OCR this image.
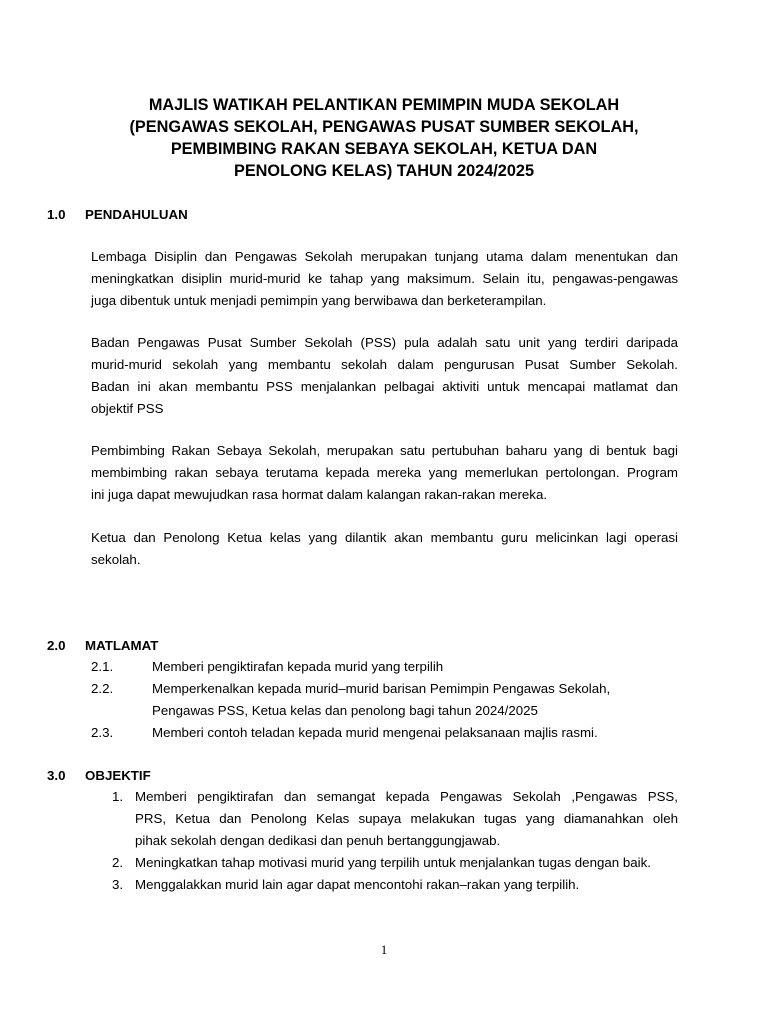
MAJLIS WATIKAH PELANTIKAN PEMIMPIN MUDA SEKOLAH
(PENGAWAS SEKOLAH, PENGAWAS PUSAT SUMBER SEKOLAH,
PEMBIMBING RAKAN SEBAYA SEKOLAH, KETUA DAN
PENOLONG KELAS) TAHUN 2024/2025
1.0 PENDAHULUAN
Lembaga Disiplin dan Pengawas Sekolah merupakan tunjang utama dalam menentukan dan
meningkatkan disiplin murid-murid ke tahap yang maksimum. Selain itu, pengawas-pengawas
juga dibentuk untuk menjadi pemimpin yang berwibawa dan berketerampilan.
Badan Pengawas Pusat Sumber Sekolah (PSS) pula adalah satu unit yang terdiri daripada
murid-murid sekolah yang membantu sekolah dalam pengurusan Pusat Sumber Sekolah.
Badan ini akan membantu PSS menjalankan pelbagai aktiviti untuk mencapai matlamat dan
objektif PSS
Pembimbing Rakan Sebaya Sekolah, merupakan satu pertubuhan baharu yang di bentuk bagi
membimbing rakan sebaya terutama kepada mereka yang memerlukan pertolongan. Program
ini juga dapat mewujudkan rasa hormat dalam kalangan rakan-rakan mereka.
Ketua dan Penolong Ketua kelas yang dilantik akan membantu guru melicinkan lagi operasi
sekolah.
2.0 MATLAMAT
2.1.	Memberi pengiktirafan kepada murid yang terpilih
2.2.	Memperkenalkan kepada murid–murid barisan Pemimpin Pengawas Sekolah,
Pengawas PSS, Ketua kelas dan penolong bagi tahun 2024/2025
2.3.	Memberi contoh teladan kepada murid mengenai pelaksanaan majlis rasmi.
3.0 OBJEKTIF
1. Memberi pengiktirafan dan semangat kepada Pengawas Sekolah ,Pengawas PSS,
PRS, Ketua dan Penolong Kelas supaya melakukan tugas yang diamanahkan oleh
pihak sekolah dengan dedikasi dan penuh bertanggungjawab.
2. Meningkatkan tahap motivasi murid yang terpilih untuk menjalankan tugas dengan baik.
3. Menggalakkan murid lain agar dapat mencontohi rakan–rakan yang terpilih.
1
